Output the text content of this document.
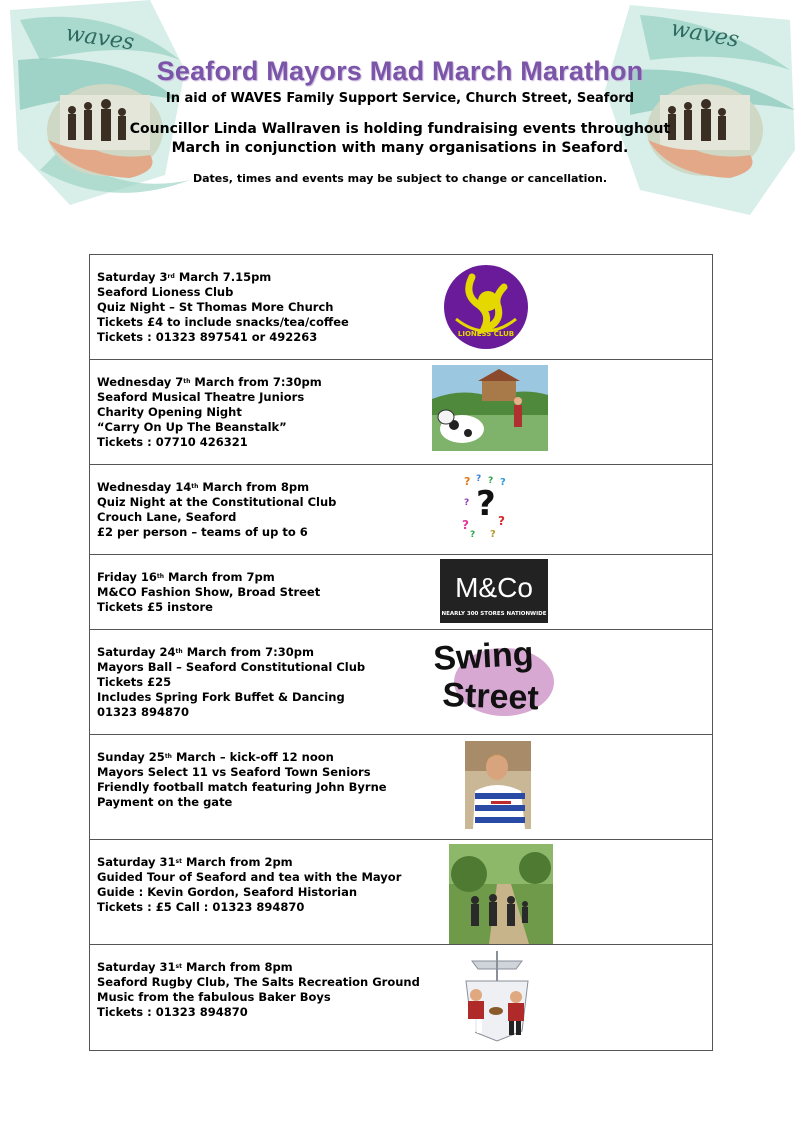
waves	waves
Seaford Mayors Mad March Marathon
In aid of WAVES Family Support Service, Church Street, Seaford
Councillor Linda Wallraven is holding fundraising events throughout
March in conjunction with many organisations in Seaford.
Dates, times and events may be subject to change or cancellation.
Saturday 3rd March 7.15pm
Seaford Lioness Club
Quiz Night – St Thomas More Church
Tickets £4 to include snacks/tea/coffee
Tickets : 01323 897541 or 492263	LIONESS CLUB
Wednesday 7th March from 7:30pm
Seaford Musical Theatre Juniors
Charity Opening Night
“Carry On Up The Beanstalk”
Tickets : 07710 426321
Wednesday 14th March from 8pm
Quiz Night at the Constitutional Club
Crouch Lane, Seaford
£2 per person – teams of up to 6
? ? ? ?
?
?
? ?
? ?
Friday 16th March from 7pm
M&CO Fashion Show, Broad Street
Tickets £5 instore
M&Co
NEARLY 300 STORES NATIONWIDE
Saturday 24th March from 7:30pm
Mayors Ball – Seaford Constitutional Club
Tickets £25
Includes Spring Fork Buffet & Dancing
01323 894870
Swing
Street
Sunday 25th March – kick-off 12 noon
Mayors Select 11 vs Seaford Town Seniors
Friendly football match featuring John Byrne
Payment on the gate
Saturday 31st March from 2pm
Guided Tour of Seaford and tea with the Mayor
Guide : Kevin Gordon, Seaford Historian
Tickets : £5 Call : 01323 894870
Saturday 31st March from 8pm
Seaford Rugby Club, The Salts Recreation Ground
Music from the fabulous Baker Boys
Tickets : 01323 894870
